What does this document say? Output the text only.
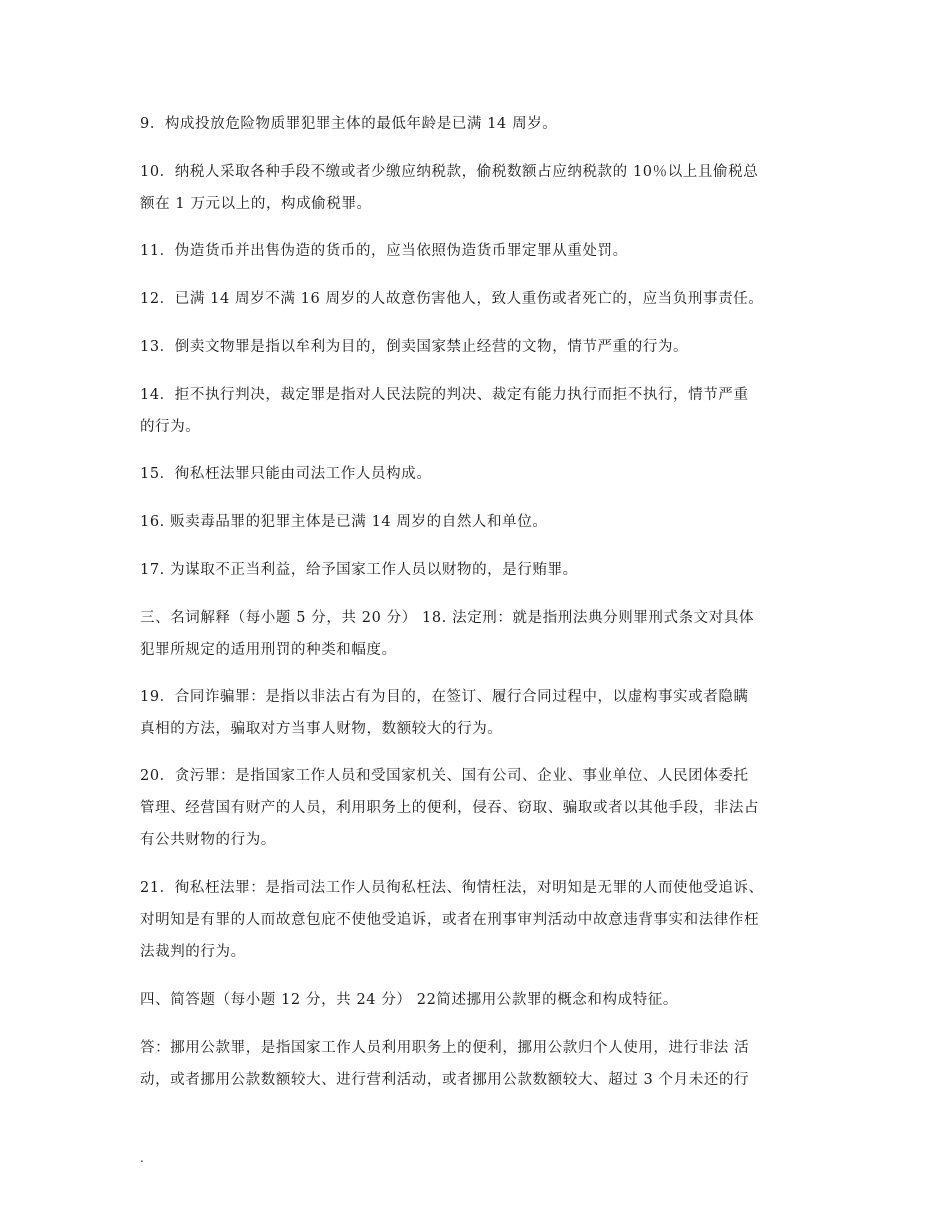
9．构成投放危险物质罪犯罪主体的最低年龄是已满 14 周岁。
10．纳税人采取各种手段不缴或者少缴应纳税款，偷税数额占应纳税款的 10％以上且偷税总
额在 1 万元以上的，构成偷税罪。
11．伪造货币并出售伪造的货币的，应当依照伪造货币罪定罪从重处罚。
12．已满 14 周岁不满 16 周岁的人故意伤害他人，致人重伤或者死亡的，应当负刑事责任。
13．倒卖文物罪是指以牟利为目的，倒卖国家禁止经营的文物，情节严重的行为。
14．拒不执行判决，裁定罪是指对人民法院的判决、裁定有能力执行而拒不执行，情节严重
的行为。
15．徇私枉法罪只能由司法工作人员构成。
16. 贩卖毒品罪的犯罪主体是已满 14 周岁的自然人和单位。
17. 为谋取不正当利益，给予国家工作人员以财物的，是行贿罪。
三、名词解释（每小题 5 分，共 20 分） 18. 法定刑：就是指刑法典分则罪刑式条文对具体
犯罪所规定的适用刑罚的种类和幅度。
19．合同诈骗罪：是指以非法占有为目的，在签订、履行合同过程中，以虚构事实或者隐瞒
真相的方法，骗取对方当事人财物，数额较大的行为。
20．贪污罪：是指国家工作人员和受国家机关、国有公司、企业、事业单位、人民团体委托
管理、经营国有财产的人员，利用职务上的便利，侵吞、窃取、骗取或者以其他手段，非法占
有公共财物的行为。
21．徇私枉法罪：是指司法工作人员徇私枉法、徇情枉法，对明知是无罪的人而使他受追诉、
对明知是有罪的人而故意包庇不使他受追诉，或者在刑事审判活动中故意违背事实和法律作枉
法裁判的行为。
四、简答题（每小题 12 分，共 24 分） 22简述挪用公款罪的概念和构成特征。
答：挪用公款罪，是指国家工作人员利用职务上的便利，挪用公款归个人使用，进行非法 活
动，或者挪用公款数额较大、进行营利活动，或者挪用公款数额较大、超过 3 个月未还的行
.
